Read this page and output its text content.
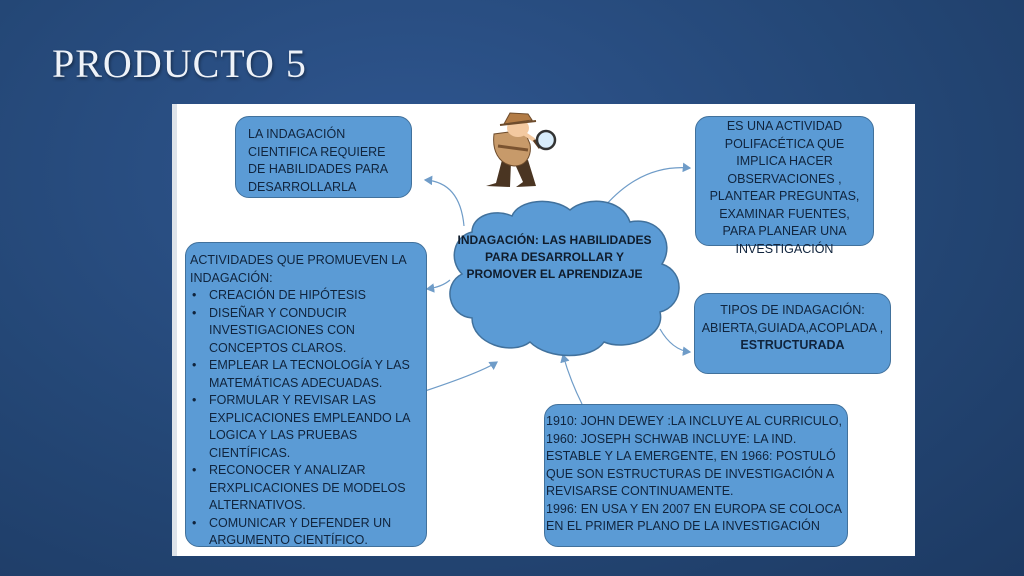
PRODUCTO 5
INDAGACIÓN: LAS HABILIDADES PARA DESARROLLAR Y PROMOVER EL APRENDIZAJE

LA INDAGACIÓN CIENTIFICA REQUIERE DE HABILIDADES PARA DESARROLLARLA

ES UNA ACTIVIDAD POLIFACÉTICA QUE IMPLICA HACER OBSERVACIONES , PLANTEAR PREGUNTAS, EXAMINAR FUENTES, PARA PLANEAR UNA INVESTIGACIÓN

TIPOS DE INDAGACIÓN:

ABIERTA,GUIADA,ACOPLADA ,

ESTRUCTURADA

ACTIVIDADES QUE PROMUEVEN LA INDAGACIÓN:

• CREACIÓN DE HIPÓTESIS
• DISEÑAR Y CONDUCIR INVESTIGACIONES CON CONCEPTOS CLAROS.
• EMPLEAR LA TECNOLOGÍA Y LAS MATEMÁTICAS ADECUADAS.
• FORMULAR Y REVISAR LAS EXPLICACIONES EMPLEANDO LA LOGICA Y LAS PRUEBAS CIENTÍFICAS.
• RECONOCER Y ANALIZAR ERXPLICACIONES DE MODELOS ALTERNATIVOS.
• COMUNICAR Y DEFENDER UN ARGUMENTO CIENTÍFICO.

1910: JOHN DEWEY :LA INCLUYE AL CURRICULO, 1960: JOSEPH SCHWAB INCLUYE: LA IND. ESTABLE Y LA EMERGENTE, EN 1966: POSTULÓ QUE SON ESTRUCTURAS DE INVESTIGACIÓN A REVISARSE CONTINUAMENTE.

1996: EN USA Y EN 2007 EN EUROPA SE COLOCA EN EL PRIMER PLANO DE LA INVESTIGACIÓN
